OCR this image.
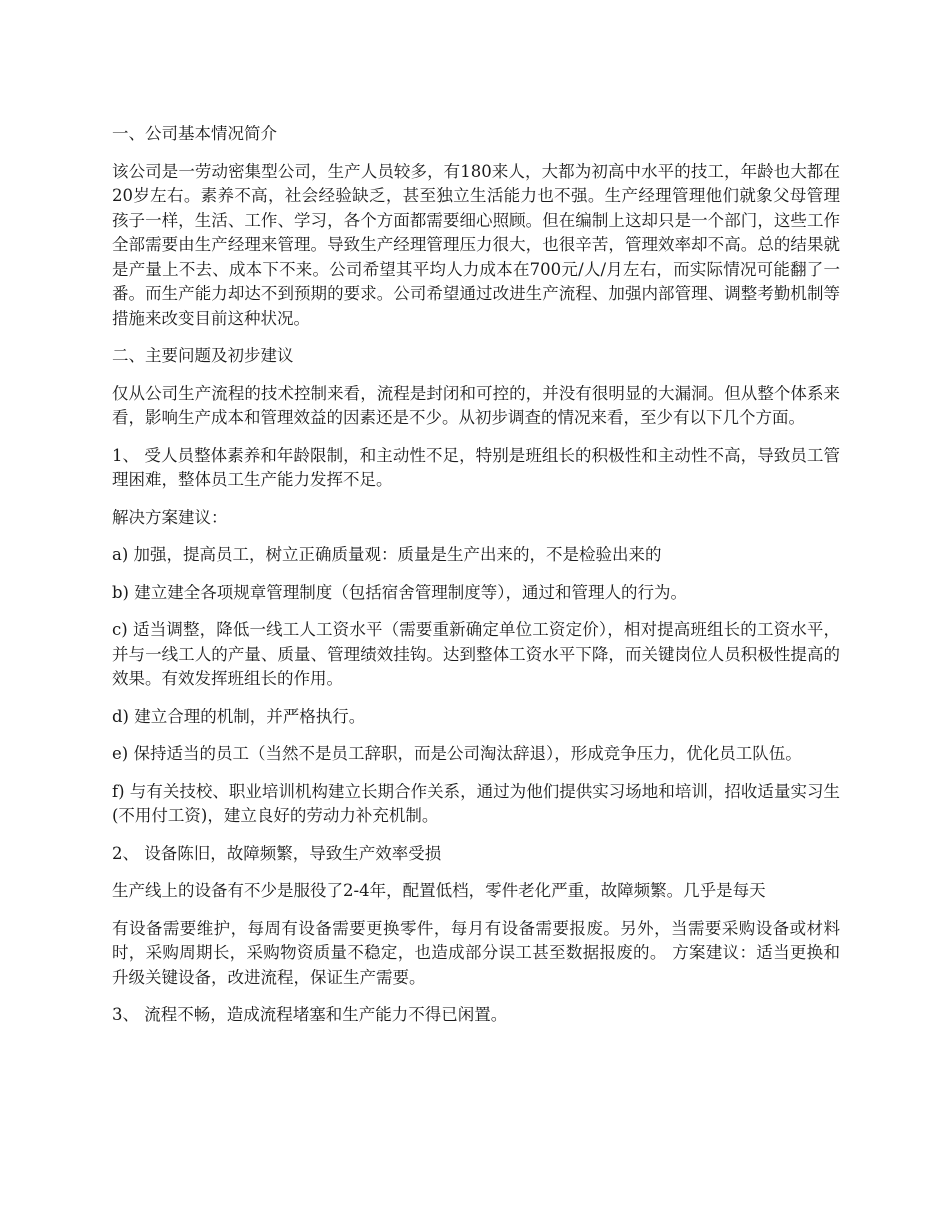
一、公司基本情况简介

该公司是一劳动密集型公司，生产人员较多，有180来人，大都为初高中水平的技工，年龄也大都在20岁左右。素养不高，社会经验缺乏，甚至独立生活能力也不强。生产经理管理他们就象父母管理孩子一样，生活、工作、学习，各个方面都需要细心照顾。但在编制上这却只是一个部门，这些工作全部需要由生产经理来管理。导致生产经理管理压力很大，也很辛苦，管理效率却不高。总的结果就是产量上不去、成本下不来。公司希望其平均人力成本在700元/人/月左右，而实际情况可能翻了一番。而生产能力却达不到预期的要求。公司希望通过改进生产流程、加强内部管理、调整考勤机制等措施来改变目前这种状况。

二、主要问题及初步建议

仅从公司生产流程的技术控制来看，流程是封闭和可控的，并没有很明显的大漏洞。但从整个体系来看，影响生产成本和管理效益的因素还是不少。从初步调查的情况来看，至少有以下几个方面。

1、 受人员整体素养和年龄限制，和主动性不足，特别是班组长的积极性和主动性不高，导致员工管理困难，整体员工生产能力发挥不足。

解决方案建议：

a) 加强，提高员工，树立正确质量观：质量是生产出来的，不是检验出来的

b) 建立建全各项规章管理制度（包括宿舍管理制度等），通过和管理人的行为。

c) 适当调整，降低一线工人工资水平（需要重新确定单位工资定价），相对提高班组长的工资水平，并与一线工人的产量、质量、管理绩效挂钩。达到整体工资水平下降，而关键岗位人员积极性提高的效果。有效发挥班组长的作用。

d) 建立合理的机制，并严格执行。

e) 保持适当的员工（当然不是员工辞职，而是公司淘汰辞退），形成竞争压力，优化员工队伍。

f) 与有关技校、职业培训机构建立长期合作关系，通过为他们提供实习场地和培训，招收适量实习生(不用付工资)，建立良好的劳动力补充机制。

2、 设备陈旧，故障频繁，导致生产效率受损

生产线上的设备有不少是服役了2-4年，配置低档，零件老化严重，故障频繁。几乎是每天

有设备需要维护，每周有设备需要更换零件，每月有设备需要报废。另外，当需要采购设备或材料时，采购周期长，采购物资质量不稳定，也造成部分误工甚至数据报废的。 方案建议：适当更换和升级关键设备，改进流程，保证生产需要。

3、 流程不畅，造成流程堵塞和生产能力不得已闲置。
